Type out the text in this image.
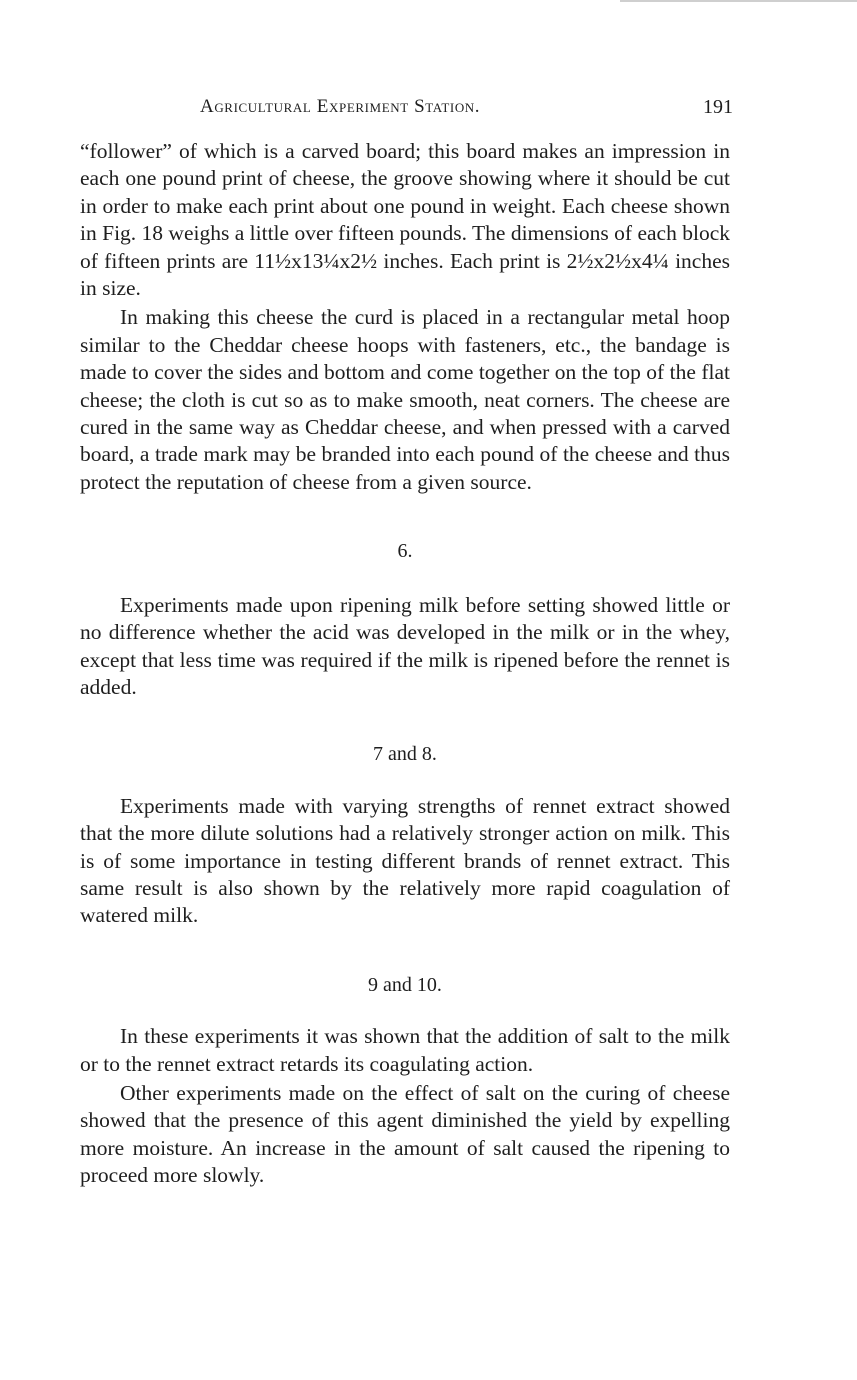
Agricultural Experiment Station.	191

“follower” of which is a carved board; this board makes an impression in each one pound print of cheese, the groove showing where it should be cut in order to make each print about one pound in weight. Each cheese shown in Fig. 18 weighs a little over fifteen pounds. The dimensions of each block of fifteen prints are 11½x13¼x2½ inches. Each print is 2½x2½x4¼ inches in size.

In making this cheese the curd is placed in a rectangular metal hoop similar to the Cheddar cheese hoops with fasteners, etc., the bandage is made to cover the sides and bottom and come together on the top of the flat cheese; the cloth is cut so as to make smooth, neat corners. The cheese are cured in the same way as Cheddar cheese, and when pressed with a carved board, a trade mark may be branded into each pound of the cheese and thus protect the reputation of cheese from a given source.

6.

Experiments made upon ripening milk before setting showed little or no difference whether the acid was developed in the milk or in the whey, except that less time was required if the milk is ripened before the rennet is added.

7 and 8.

Experiments made with varying strengths of rennet extract showed that the more dilute solutions had a relatively stronger action on milk. This is of some importance in testing different brands of rennet extract. This same result is also shown by the relatively more rapid coagulation of watered milk.

9 and 10.

In these experiments it was shown that the addition of salt to the milk or to the rennet extract retards its coagulating action.

Other experiments made on the effect of salt on the curing of cheese showed that the presence of this agent diminished the yield by expelling more moisture. An increase in the amount of salt caused the ripening to proceed more slowly.
